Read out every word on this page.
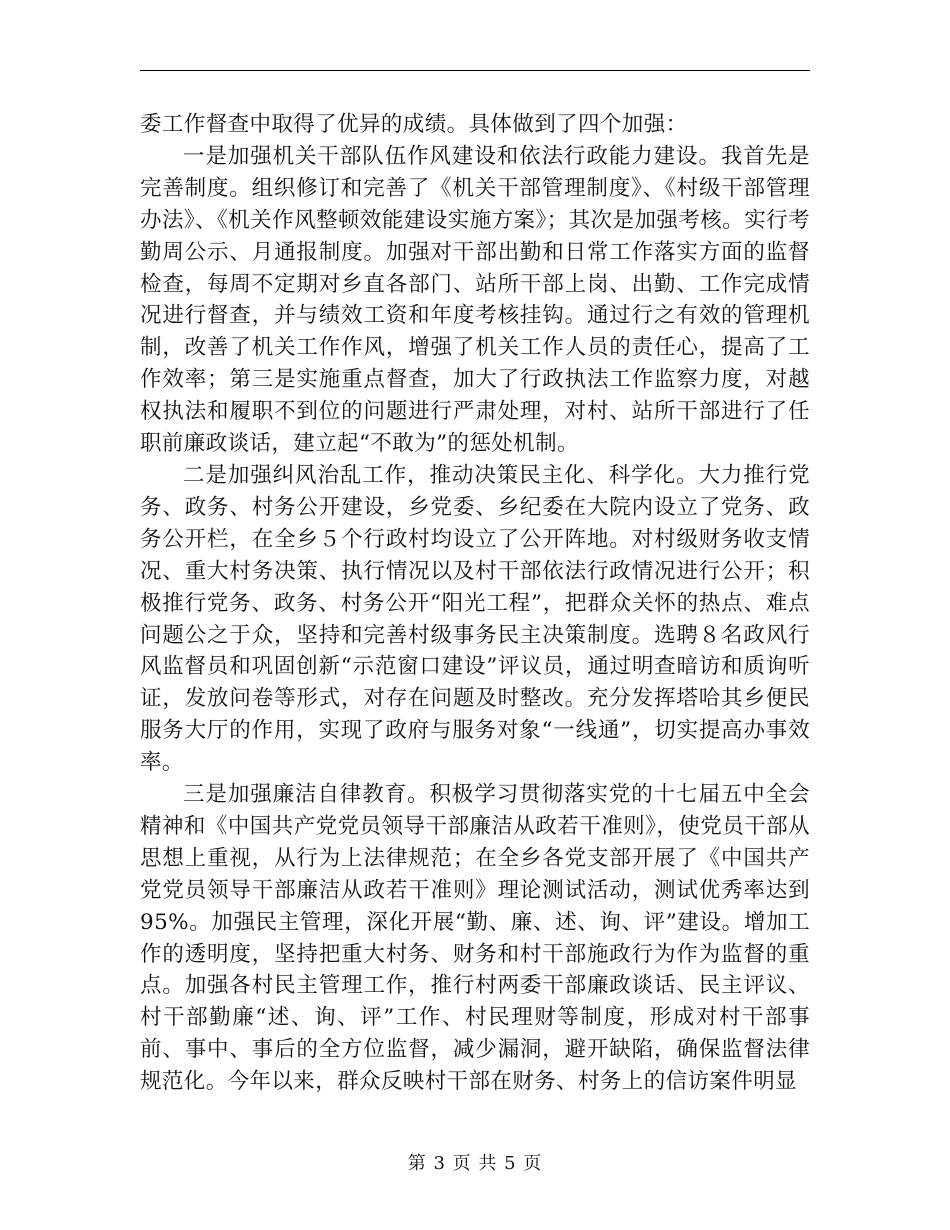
委工作督查中取得了优异的成绩。具体做到了四个加强：

一是加强机关干部队伍作风建设和依法行政能力建设。我首先是完善制度。组织修订和完善了《机关干部管理制度》、《村级干部管理办法》、《机关作风整顿效能建设实施方案》；其次是加强考核。实行考勤周公示、月通报制度。加强对干部出勤和日常工作落实方面的监督检查，每周不定期对乡直各部门、站所干部上岗、出勤、工作完成情况进行督查，并与绩效工资和年度考核挂钩。通过行之有效的管理机制，改善了机关工作作风，增强了机关工作人员的责任心，提高了工作效率；第三是实施重点督查，加大了行政执法工作监察力度，对越权执法和履职不到位的问题进行严肃处理，对村、站所干部进行了任职前廉政谈话，建立起“不敢为”的惩处机制。

二是加强纠风治乱工作，推动决策民主化、科学化。大力推行党务、政务、村务公开建设，乡党委、乡纪委在大院内设立了党务、政务公开栏，在全乡５个行政村均设立了公开阵地。对村级财务收支情况、重大村务决策、执行情况以及村干部依法行政情况进行公开；积极推行党务、政务、村务公开“阳光工程”，把群众关怀的热点、难点问题公之于众，坚持和完善村级事务民主决策制度。选聘８名政风行风监督员和巩固创新“示范窗口建设”评议员，通过明查暗访和质询听证，发放问卷等形式，对存在问题及时整改。充分发挥塔哈其乡便民服务大厅的作用，实现了政府与服务对象“一线通”，切实提高办事效率。

三是加强廉洁自律教育。积极学习贯彻落实党的十七届五中全会精神和《中国共产党党员领导干部廉洁从政若干准则》，使党员干部从思想上重视，从行为上法律规范；在全乡各党支部开展了《中国共产党党员领导干部廉洁从政若干准则》理论测试活动，测试优秀率达到95%。加强民主管理，深化开展“勤、廉、述、询、评”建设。增加工作的透明度，坚持把重大村务、财务和村干部施政行为作为监督的重点。加强各村民主管理工作，推行村两委干部廉政谈话、民主评议、村干部勤廉“述、询、评”工作、村民理财等制度，形成对村干部事前、事中、事后的全方位监督，减少漏洞，避开缺陷，确保监督法律规范化。今年以来，群众反映村干部在财务、村务上的信访案件明显

第 3 页 共 5 页
